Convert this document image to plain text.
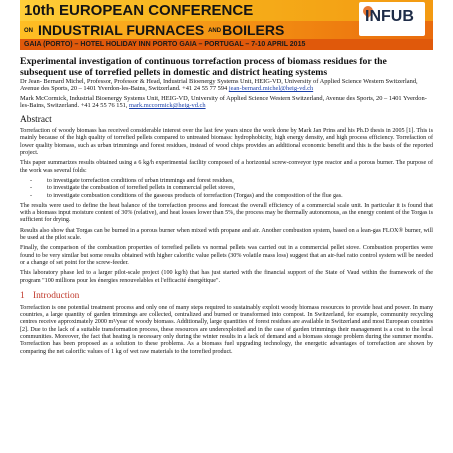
10th EUROPEAN CONFERENCE
ON INDUSTRIAL FURNACES ANDBOILERS
GAIA (PORTO) – HOTEL HOLIDAY INN PORTO GAIA – PORTUGAL – 7-10 APRIL 2015
INFUB
Experimental investigation of continuous torrefaction process of biomass residues for the subsequent use of torrefied pellets in domestic and district heating systems

Dr Jean- Bernard Michel, Professor, Professor & Head, Industrial Bioenergy Systems Unit, HEIG-VD, University of Applied Science Western Switzerland, Avenue des Sports, 20 – 1401 Yverdon-les-Bains, Switzerland. +41 24 55 77 594 jean-bernard.michel@heig-vd.ch

Mark McCormick, Industrial Bioenergy Systems Unit, HEIG-VD, University of Applied Science Western Switzerland, Avenue des Sports, 20 – 1401 Yverdon-les-Bains, Switzerland. +41 24 55 76 151, mark.mccormick@heig-vd.ch

Abstract

Torrefaction of woody biomass has received considerable interest over the last few years since the work done by Mark Jan Prins and his Ph.D thesis in 2005 [1]. This is mainly because of the high quality of torrefied pellets compared to untreated biomass: hydrophobicity, high energy density, and high process efficiency. Torrefaction of lower quality biomass, such as urban trimmings and forest residues, instead of wood chips provides an additional economic benefit and this is the basis of the reported project.

This paper summarizes results obtained using a 6 kg/h experimental facility composed of a horizontal screw-conveyor type reactor and a porous burner. The purpose of the work was several folds:

- to investigate torrefaction conditions of urban trimmings and forest residues,
- to investigate the combustion of torrefied pellets in commercial pellet stoves,
- to investigate combustion conditions of the gaseous products of torrefaction (Torgas) and the composition of the flue gas.

The results were used to define the heat balance of the torrefaction process and forecast the overall efficiency of a commercial scale unit. In particular it is found that with a biomass input moisture content of 30% (relative), and heat losses lower than 5%, the process may be thermally autonomous, as the energy content of the Torgas is sufficient for drying.

Results also show that Torgas can be burned in a porous burner when mixed with propane and air. Another combustion system, based on a lean-gas FLOX® burner, will be used at the pilot scale.

Finally, the comparison of the combustion properties of torrefied pellets vs normal pellets was carried out in a commercial pellet stove. Combustion properties were found to be very similar but some results obtained with higher calorific value pellets (30% volatile mass loss) suggest that an air-fuel ratio control system will be needed or a change of set point for the screw-feeder.

This laboratory phase led to a larger pilot-scale project (100 kg/h) that has just started with the financial support of the State of Vaud within the framework of the program "100 millions pour les énergies renouvelables et l'efficacité énergétique".

1 Introduction

Torrefaction is one potential treatment process and only one of many steps required to sustainably exploit woody biomass resources to provide heat and power. In many countries, a large quantity of garden trimmings are collected, centralized and burned or transformed into compost. In Switzerland, for example, community recycling centres receive approximately 2000 m³/year of woody biomass. Additionally, large quantities of forest residues are available in Switzerland and most European countries [2]. Due to the lack of a suitable transformation process, these resources are underexploited and in the case of garden trimmings their management is a cost to the local communities. Moreover, the fact that heating is necessary only during the winter results in a lack of demand and a biomass storage problem during the summer months. Torrefaction has been proposed as a solution to these problems. As a biomass fuel upgrading technology, the energetic advantages of torrefaction are shown by comparing the net calorific values of 1 kg of wet raw materials to the torrefied product.
